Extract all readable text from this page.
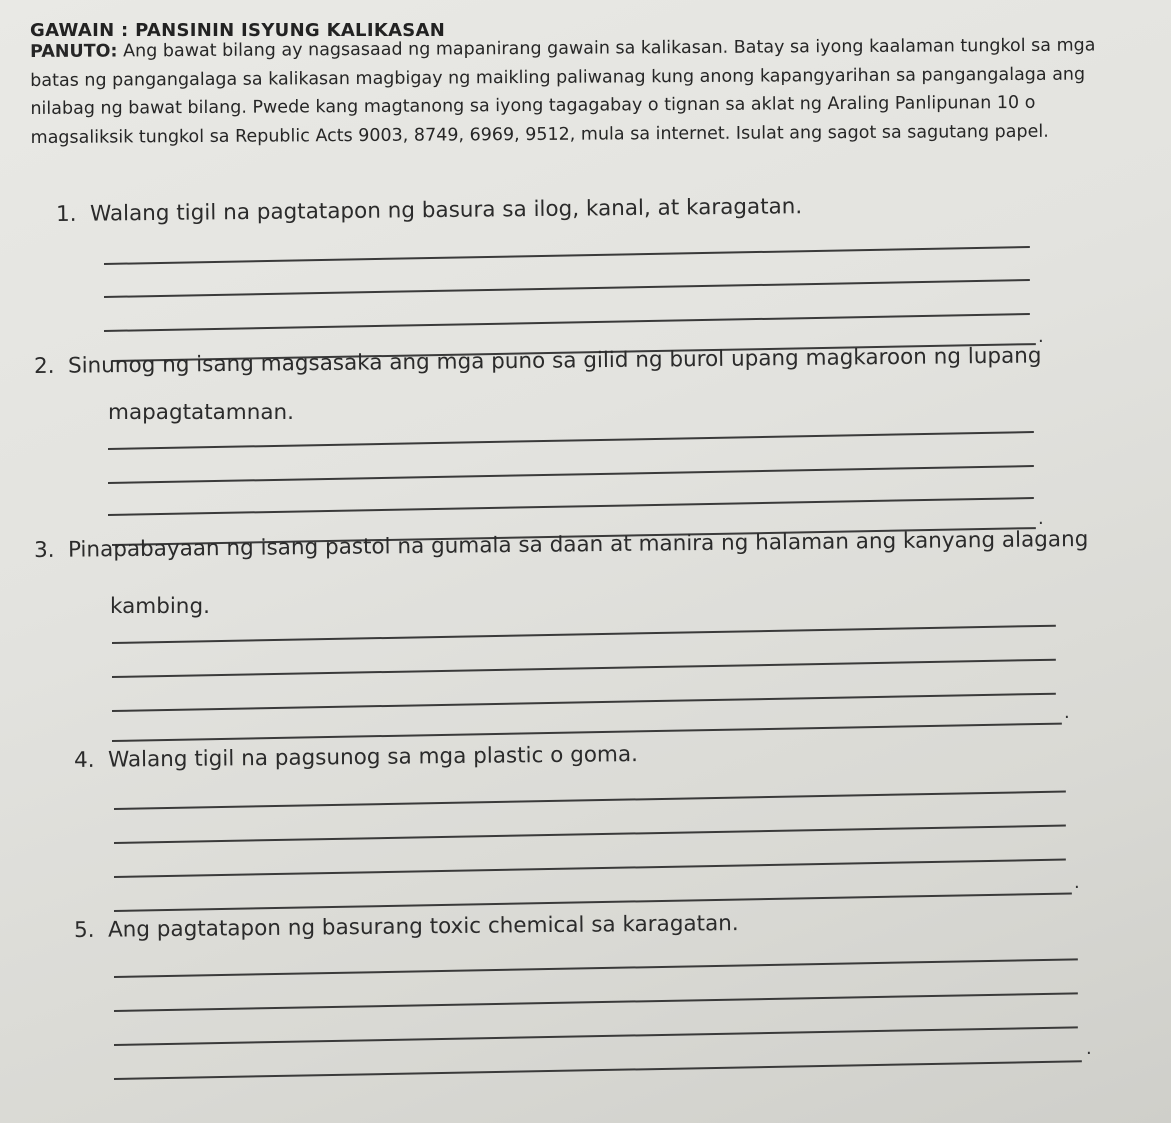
GAWAIN : PANSININ ISYUNG KALIKASAN
PANUTO: Ang bawat bilang ay nagsasaad ng mapanirang gawain sa kalikasan. Batay sa iyong kaalaman tungkol sa mga batas ng pangangalaga sa kalikasan magbigay ng maikling paliwanag kung anong kapangyarihan sa pangangalaga ang nilabag ng bawat bilang. Pwede kang magtanong sa iyong tagagabay o tignan sa aklat ng Araling Panlipunan 10 o magsaliksik tungkol sa Republic Acts 9003, 8749, 6969, 9512, mula sa internet. Isulat ang sagot sa sagutang papel.
1. Walang tigil na pagtatapon ng basura sa ilog, kanal, at karagatan.
.
2. Sinunog ng isang magsasaka ang mga puno sa gilid ng burol upang magkaroon ng lupang
mapagtatamnan.
.
3. Pinapabayaan ng isang pastol na gumala sa daan at manira ng halaman ang kanyang alagang
kambing.
.
4. Walang tigil na pagsunog sa mga plastic o goma.
.
5. Ang pagtatapon ng basurang toxic chemical sa karagatan.
.
